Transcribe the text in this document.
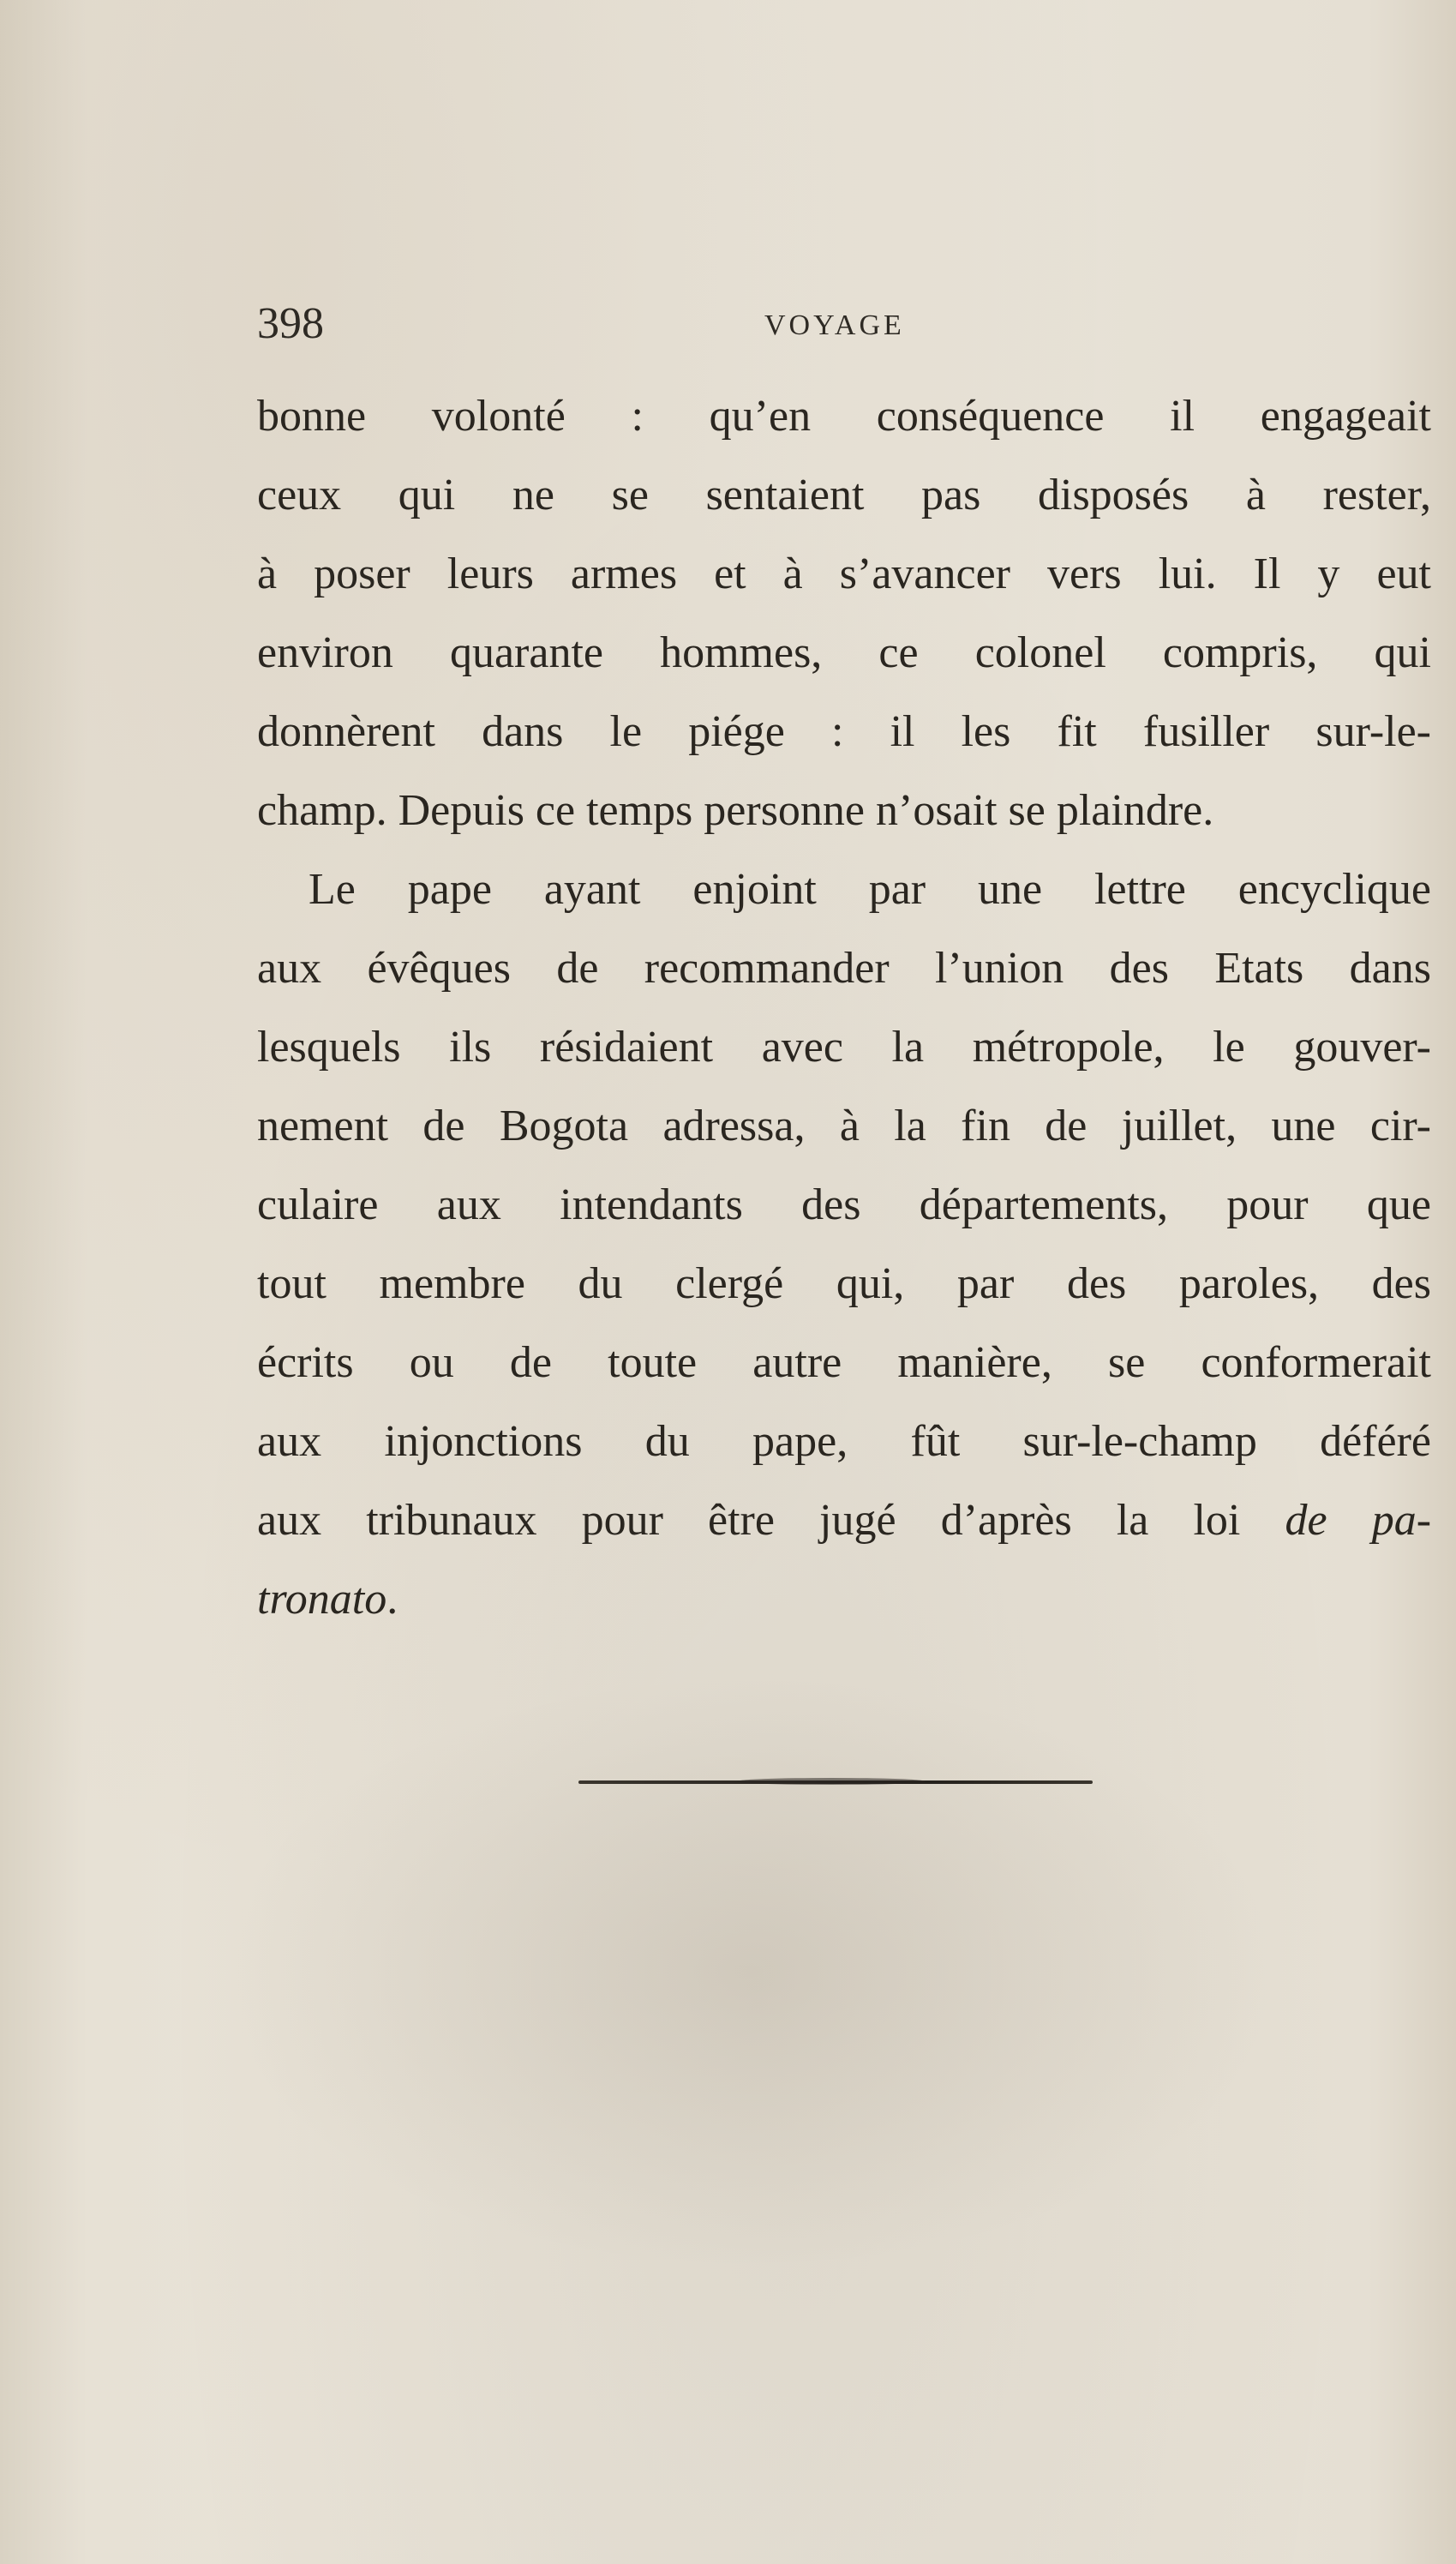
398	VOYAGE
bonne volonté : qu’en conséquence il engageait
ceux qui ne se sentaient pas disposés à rester,
à poser leurs armes et à s’avancer vers lui. Il y eut
environ quarante hommes, ce colonel compris, qui
donnèrent dans le piége : il les fit fusiller sur-le-
champ. Depuis ce temps personne n’osait se plaindre.
Le pape ayant enjoint par une lettre encyclique
aux évêques de recommander l’union des Etats dans
lesquels ils résidaient avec la métropole, le gouver-
nement de Bogota adressa, à la fin de juillet, une cir-
culaire aux intendants des départements, pour que
tout membre du clergé qui, par des paroles, des
écrits ou de toute autre manière, se conformerait
aux injonctions du pape, fût sur-le-champ déféré
aux tribunaux pour être jugé d’après la loi de pa-
tronato.
